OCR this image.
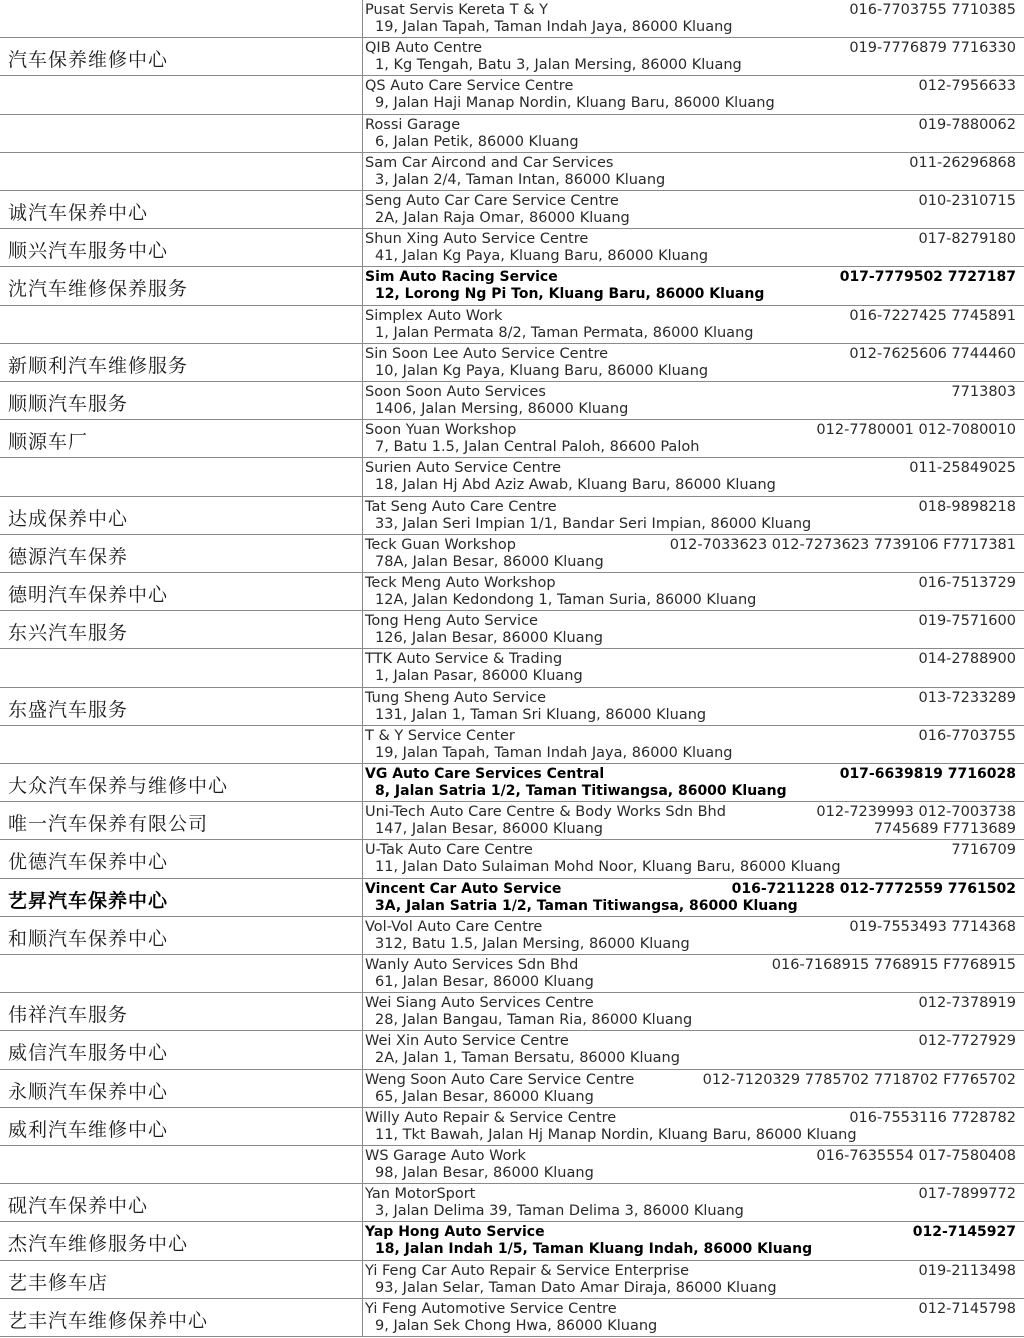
Pusat Servis Kereta T & Y
19, Jalan Tapah, Taman Indah Jaya, 86000 Kluang
016-7703755 7710385
汽车保养维修中心
QIB Auto Centre
1, Kg Tengah, Batu 3, Jalan Mersing, 86000 Kluang
019-7776879 7716330
QS Auto Care Service Centre
9, Jalan Haji Manap Nordin, Kluang Baru, 86000 Kluang
012-7956633
Rossi Garage
6, Jalan Petik, 86000 Kluang
019-7880062
Sam Car Aircond and Car Services
3, Jalan 2/4, Taman Intan, 86000 Kluang
011-26296868
诚汽车保养中心
Seng Auto Car Care Service Centre
2A, Jalan Raja Omar, 86000 Kluang
010-2310715
顺兴汽车服务中心
Shun Xing Auto Service Centre
41, Jalan Kg Paya, Kluang Baru, 86000 Kluang
017-8279180
沈汽车维修保养服务
Sim Auto Racing Service
12, Lorong Ng Pi Ton, Kluang Baru, 86000 Kluang
017-7779502 7727187
Simplex Auto Work
1, Jalan Permata 8/2, Taman Permata, 86000 Kluang
016-7227425 7745891
新顺利汽车维修服务
Sin Soon Lee Auto Service Centre
10, Jalan Kg Paya, Kluang Baru, 86000 Kluang
012-7625606 7744460
顺顺汽车服务
Soon Soon Auto Services
1406, Jalan Mersing, 86000 Kluang
7713803
顺源车厂
Soon Yuan Workshop
7, Batu 1.5, Jalan Central Paloh, 86600 Paloh
012-7780001 012-7080010
Surien Auto Service Centre
18, Jalan Hj Abd Aziz Awab, Kluang Baru, 86000 Kluang
011-25849025
达成保养中心
Tat Seng Auto Care Centre
33, Jalan Seri Impian 1/1, Bandar Seri Impian, 86000 Kluang
018-9898218
德源汽车保养
Teck Guan Workshop
78A, Jalan Besar, 86000 Kluang
012-7033623 012-7273623 7739106 F7717381
德明汽车保养中心
Teck Meng Auto Workshop
12A, Jalan Kedondong 1, Taman Suria, 86000 Kluang
016-7513729
东兴汽车服务
Tong Heng Auto Service
126, Jalan Besar, 86000 Kluang
019-7571600
TTK Auto Service & Trading
1, Jalan Pasar, 86000 Kluang
014-2788900
东盛汽车服务
Tung Sheng Auto Service
131, Jalan 1, Taman Sri Kluang, 86000 Kluang
013-7233289
T & Y Service Center
19, Jalan Tapah, Taman Indah Jaya, 86000 Kluang
016-7703755
大众汽车保养与维修中心
VG Auto Care Services Central
8, Jalan Satria 1/2, Taman Titiwangsa, 86000 Kluang
017-6639819 7716028
唯一汽车保养有限公司
Uni-Tech Auto Care Centre & Body Works Sdn Bhd
147, Jalan Besar, 86000 Kluang
012-7239993 012-7003738
7745689 F7713689
优德汽车保养中心
U-Tak Auto Care Centre
11, Jalan Dato Sulaiman Mohd Noor, Kluang Baru, 86000 Kluang
7716709
艺昇汽车保养中心
Vincent Car Auto Service
3A, Jalan Satria 1/2, Taman Titiwangsa, 86000 Kluang
016-7211228 012-7772559 7761502
和顺汽车保养中心
Vol-Vol Auto Care Centre
312, Batu 1.5, Jalan Mersing, 86000 Kluang
019-7553493 7714368
Wanly Auto Services Sdn Bhd
61, Jalan Besar, 86000 Kluang
016-7168915 7768915 F7768915
伟祥汽车服务
Wei Siang Auto Services Centre
28, Jalan Bangau, Taman Ria, 86000 Kluang
012-7378919
威信汽车服务中心
Wei Xin Auto Service Centre
2A, Jalan 1, Taman Bersatu, 86000 Kluang
012-7727929
永顺汽车保养中心
Weng Soon Auto Care Service Centre
65, Jalan Besar, 86000 Kluang
012-7120329 7785702 7718702 F7765702
威利汽车维修中心
Willy Auto Repair & Service Centre
11, Tkt Bawah, Jalan Hj Manap Nordin, Kluang Baru, 86000 Kluang
016-7553116 7728782
WS Garage Auto Work
98, Jalan Besar, 86000 Kluang
016-7635554 017-7580408
砚汽车保养中心
Yan MotorSport
3, Jalan Delima 39, Taman Delima 3, 86000 Kluang
017-7899772
杰汽车维修服务中心
Yap Hong Auto Service
18, Jalan Indah 1/5, Taman Kluang Indah, 86000 Kluang
012-7145927
艺丰修车店
Yi Feng Car Auto Repair & Service Enterprise
93, Jalan Selar, Taman Dato Amar Diraja, 86000 Kluang
019-2113498
艺丰汽车维修保养中心
Yi Feng Automotive Service Centre
9, Jalan Sek Chong Hwa, 86000 Kluang
012-7145798
